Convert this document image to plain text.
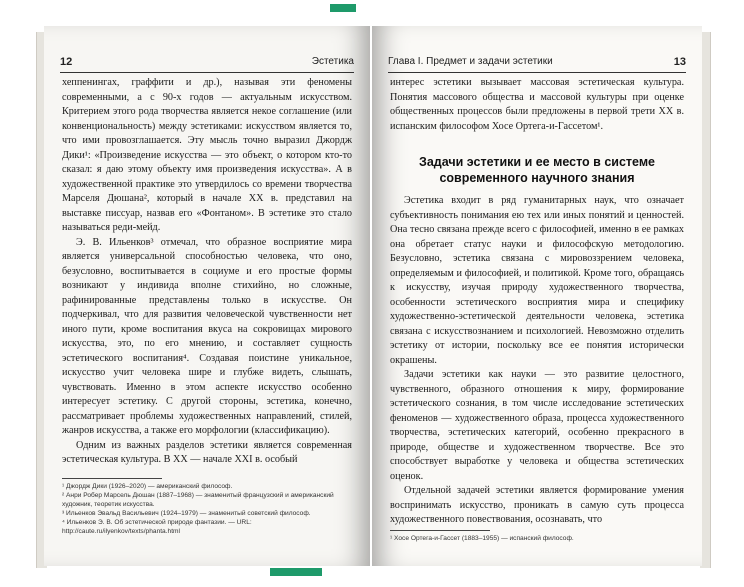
12	Эстетика

хеппенингах, граффити и др.), называя эти феномены современными, а с 90-х годов — актуальным искусством. Критерием этого рода творчества является некое соглашение (или конвенциональность) между эстетиками: искусством является то, что ими провозглашается. Эту мысль точно выразил Джордж Дики¹: «Произведение искусства — это объект, о котором кто-то сказал: я даю этому объекту имя произведения искусства». А в художественной практике это утвердилось со времени творчества Марселя Дюшана², который в начале XX в. представил на выставке писсуар, назвав его «Фонтаном». В эстетике это стало называться реди-мейд.

Э. В. Ильенков³ отмечал, что образное восприятие мира является универсальной способностью человека, что оно, безусловно, воспитывается в социуме и его простые формы возникают у индивида вполне стихийно, но сложные, рафинированные представлены только в искусстве. Он подчеркивал, что для развития человеческой чувственности нет иного пути, кроме воспитания вкуса на сокровищах мирового искусства, это, по его мнению, и составляет сущность эстетического воспитания⁴. Создавая поистине уникальное, искусство учит человека шире и глубже видеть, слышать, чувствовать. Именно в этом аспекте искусство особенно интересует эстетику. С другой стороны, эстетика, конечно, рассматривает проблемы художественных направлений, стилей, жанров искусства, а также его морфологии (классификацию).

Одним из важных разделов эстетики является современная эстетическая культура. В XX — начале XXI в. особый

¹ Джордж Дики (1926–2020) — американский философ.

² Анри Робер Марсель Дюшан (1887–1968) — знаменитый французский и американский художник, теоретик искусства.

³ Ильенков Эвальд Васильевич (1924–1979) — знаменитый советский философ.

⁴ Ильенков Э. В. Об эстетической природе фантазии. — URL: http://caute.ru/ilyenkov/texts/phanta.html

Глава I. Предмет и задачи эстетики	13

интерес эстетики вызывает массовая эстетическая культура. Понятия массового общества и массовой культуры при оценке общественных процессов были предложены в первой трети XX в. испанским философом Хосе Ортега-и-Гассетом¹.

Задачи эстетики и ее место в системе современного научного знания

Эстетика входит в ряд гуманитарных наук, что означает субъективность понимания ею тех или иных понятий и ценностей. Она тесно связана прежде всего с философией, именно в ее рамках она обретает статус науки и философскую методологию. Безусловно, эстетика связана с мировоззрением человека, определяемым и философией, и политикой. Кроме того, обращаясь к искусству, изучая природу художественного творчества, особенности эстетического восприятия мира и специфику художественно-эстетической деятельности человека, эстетика связана с искусствознанием и психологией. Невозможно отделить эстетику от истории, поскольку все ее понятия исторически окрашены.

Задачи эстетики как науки — это развитие целостного, чувственного, образного отношения к миру, формирование эстетического сознания, в том числе исследование эстетических феноменов — художественного образа, процесса художественного творчества, эстетических категорий, особенно прекрасного в природе, обществе и художественном творчестве. Все это способствует выработке у человека и общества эстетических оценок.

Отдельной задачей эстетики является формирование умения воспринимать искусство, проникать в самую суть процесса художественного повествования, осознавать, что

¹ Хосе Ортега-и-Гассет (1883–1955) — испанский философ.
